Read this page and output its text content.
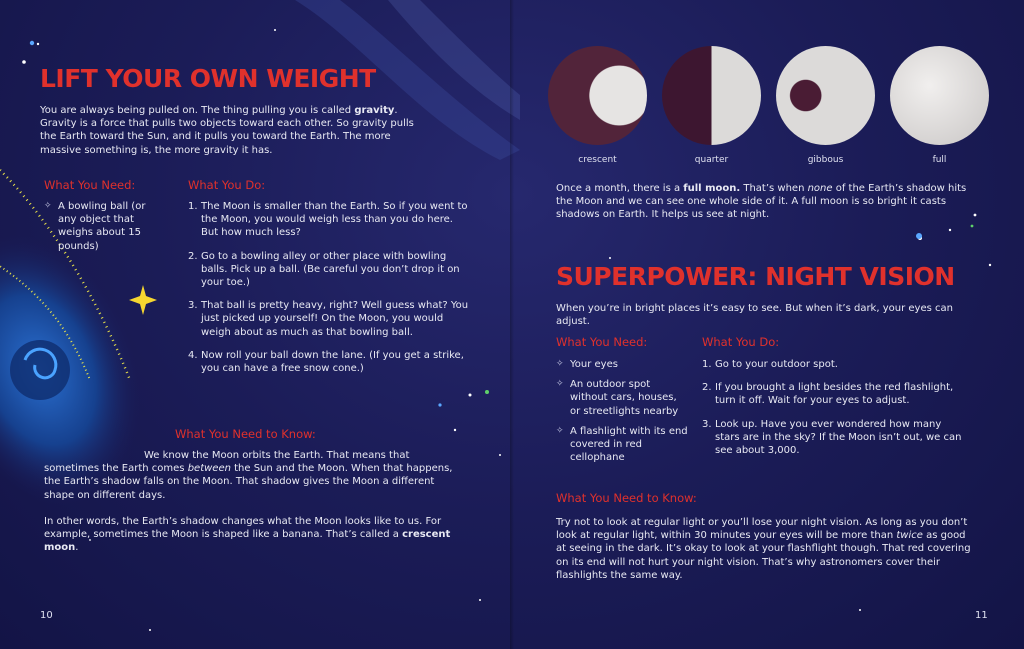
LIFT YOUR OWN WEIGHT

You are always being pulled on. The thing pulling you is called gravity. Gravity is a force that pulls two objects toward each other. So gravity pulls the Earth toward the Sun, and it pulls you toward the Earth. The more massive something is, the more gravity it has.

What You Need:
✧ A bowling ball (or any object that weighs about 15 pounds)
What You Do:
1. The Moon is smaller than the Earth. So if you went to the Moon, you would weigh less than you do here. But how much less?
2. Go to a bowling alley or other place with bowling balls. Pick up a ball. (Be careful you don’t drop it on your toe.)
3. That ball is pretty heavy, right? Well guess what? You just picked up yourself! On the Moon, you would weigh about as much as that bowling ball.
4. Now roll your ball down the lane. (If you get a strike, you can have a free snow cone.)
What You Need to Know:

We know the Moon orbits the Earth. That means that sometimes the Earth comes between the Sun and the Moon. When that happens, the Earth’s shadow falls on the Moon. That shadow gives the Moon a different shape on different days.

In other words, the Earth’s shadow changes what the Moon looks like to us. For example, sometimes the Moon is shaped like a banana. That’s called a crescent moon.

10
crescent	quarter	gibbous	full

Once a month, there is a full moon. That’s when none of the Earth’s shadow hits the Moon and we can see one whole side of it. A full moon is so bright it casts shadows on Earth. It helps us see at night.

SUPERPOWER: NIGHT VISION

When you’re in bright places it’s easy to see. But when it’s dark, your eyes can adjust.

What You Need:
✧ Your eyes
✧ An outdoor spot without cars, houses, or streetlights nearby
✧ A flashlight with its end covered in red cellophane
What You Do:
1. Go to your outdoor spot.
2. If you brought a light besides the red flashlight, turn it off. Wait for your eyes to adjust.
3. Look up. Have you ever wondered how many stars are in the sky? If the Moon isn’t out, we can see about 3,000.
What You Need to Know:

Try not to look at regular light or you’ll lose your night vision. As long as you don’t look at regular light, within 30 minutes your eyes will be more than twice as good at seeing in the dark. It’s okay to look at your flashflight though. That red covering on its end will not hurt your night vision. That’s why astronomers cover their flashlights the same way.

11
